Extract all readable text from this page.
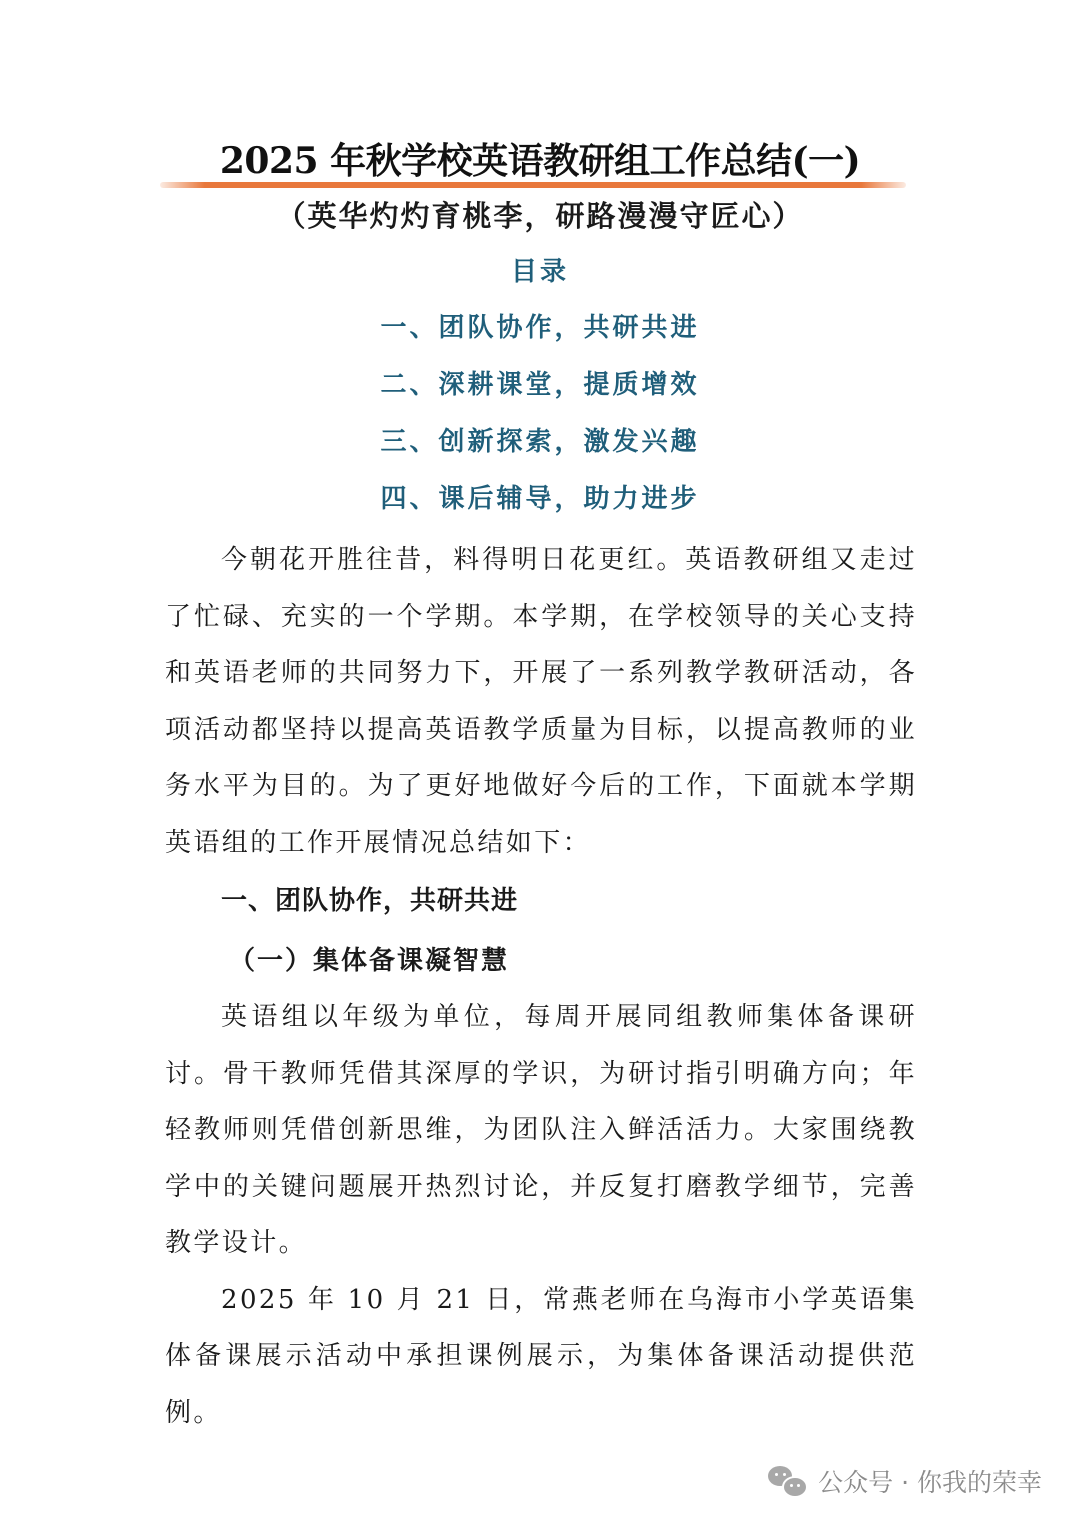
2025 年秋学校英语教研组工作总结(一)
（英华灼灼育桃李，研路漫漫守匠心）
目录
一、团队协作，共研共进
二、深耕课堂，提质增效
三、创新探索，激发兴趣
四、课后辅导，助力进步

今朝花开胜往昔，料得明日花更红。英语教研组又走过了忙碌、充实的一个学期。本学期，在学校领导的关心支持和英语老师的共同努力下，开展了一系列教学教研活动，各项活动都坚持以提高英语教学质量为目标，以提高教师的业务水平为目的。为了更好地做好今后的工作，下面就本学期英语组的工作开展情况总结如下：

一、团队协作，共研共进
（一）集体备课凝智慧

英语组以年级为单位，每周开展同组教师集体备课研讨。骨干教师凭借其深厚的学识，为研讨指引明确方向；年轻教师则凭借创新思维，为团队注入鲜活活力。大家围绕教学中的关键问题展开热烈讨论，并反复打磨教学细节，完善教学设计。

2025 年 10 月 21 日，常燕老师在乌海市小学英语集体备课展示活动中承担课例展示，为集体备课活动提供范例。

公众号 · 你我的荣幸
